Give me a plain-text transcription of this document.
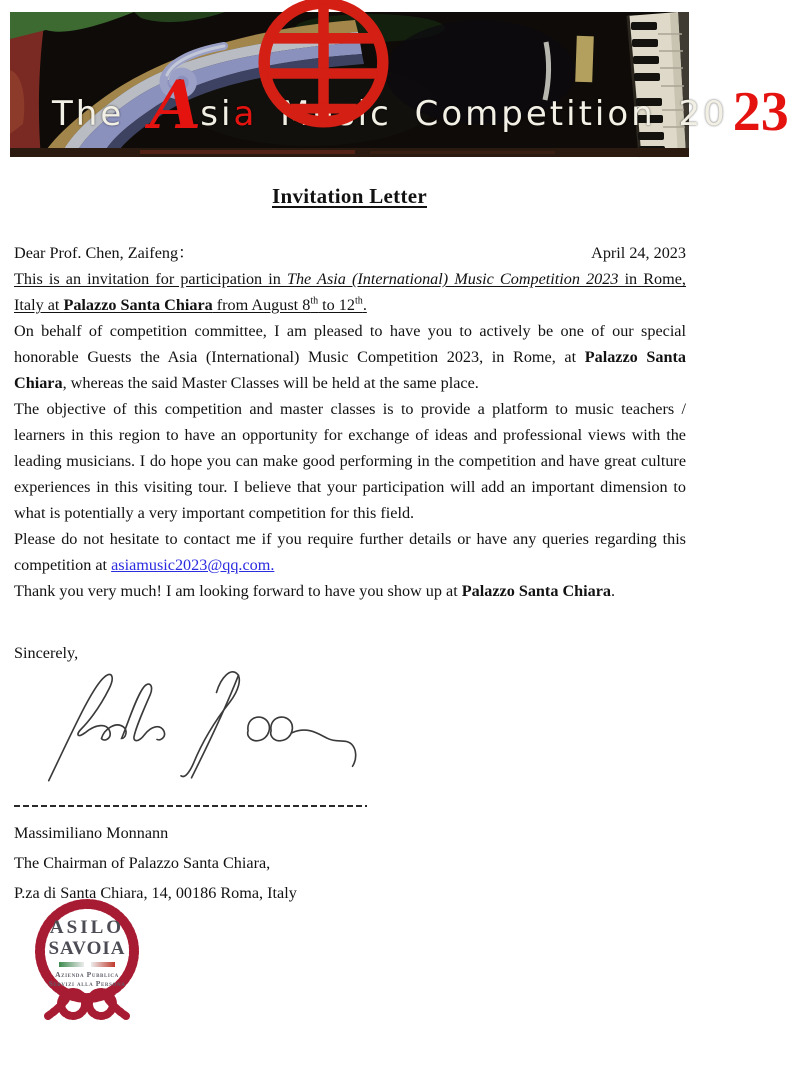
The A si a Music Competition 20 23
Invitation Letter
Dear Prof. Chen, Zaifeng：	April 24, 2023

This is an invitation for participation in The Asia (International) Music Competition 2023 in Rome, Italy at Palazzo Santa Chiara from August 8th to 12th.

On behalf of competition committee, I am pleased to have you to actively be one of our special honorable Guests the Asia (International) Music Competition 2023, in Rome, at Palazzo Santa Chiara, whereas the said Master Classes will be held at the same place.

The objective of this competition and master classes is to provide a platform to music teachers / learners in this region to have an opportunity for exchange of ideas and professional views with the leading musicians. I do hope you can make good performing in the competition and have great culture experiences in this visiting tour. I believe that your participation will add an important dimension to what is potentially a very important competition for this field.

Please do not hesitate to contact me if you require further details or have any queries regarding this competition at asiamusic2023@qq.com.

Thank you very much! I am looking forward to have you show up at Palazzo Santa Chiara.

Sincerely,
Massimiliano Monnann
The Chairman of Palazzo Santa Chiara,
P.za di Santa Chiara, 14, 00186 Roma, Italy
ASILO
SAVOIA
Azienda Pubblica
Servizi alla Persona
